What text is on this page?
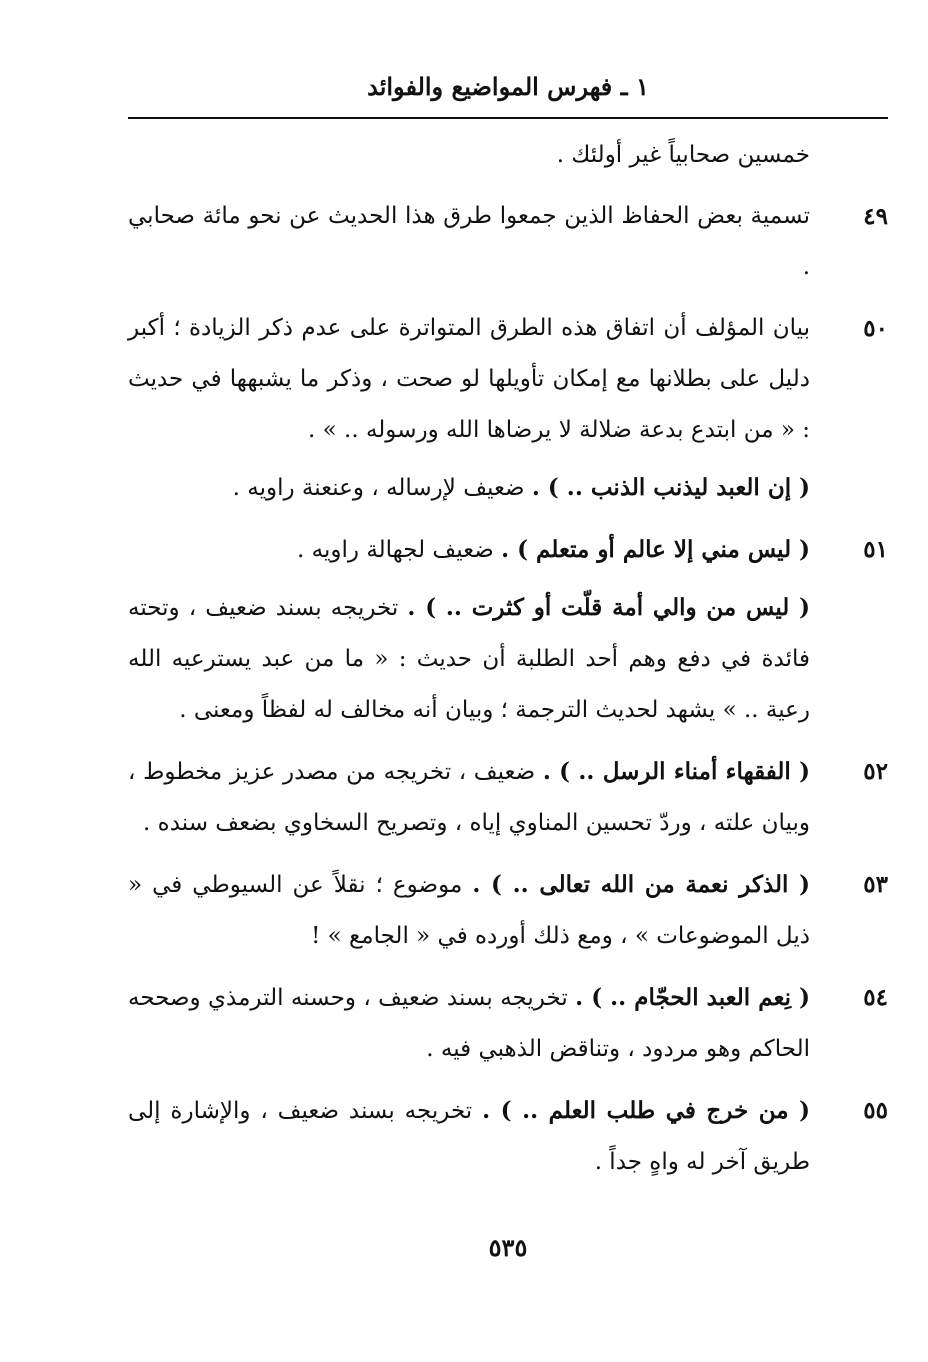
١ ـ فهرس المواضيع والفوائد

خمسين صحابياً غير أولئك .

٤٩

تسمية بعض الحفاظ الذين جمعوا طرق هذا الحديث عن نحو مائة صحابي .

٥٠

بيان المؤلف أن اتفاق هذه الطرق المتواترة على عدم ذكر الزيادة ؛ أكبر دليل على بطلانها مع إمكان تأويلها لو صحت ، وذكر ما يشبهها في حديث : « من ابتدع بدعة ضلالة لا يرضاها الله ورسوله .. » .

( إن العبد ليذنب الذنب .. ) . ضعيف لإرساله ، وعنعنة راويه .

٥١

( ليس مني إلا عالم أو متعلم ) . ضعيف لجهالة راويه .

( ليس من والي أمة قلّت أو كثرت .. ) . تخريجه بسند ضعيف ، وتحته فائدة في دفع وهم أحد الطلبة أن حديث : « ما من عبد يسترعيه الله رعية .. » يشهد لحديث الترجمة ؛ وبيان أنه مخالف له لفظاً ومعنى .

٥٢

( الفقهاء أمناء الرسل .. ) . ضعيف ، تخريجه من مصدر عزيز مخطوط ، وبيان علته ، وردّ تحسين المناوي إياه ، وتصريح السخاوي بضعف سنده .

٥٣

( الذكر نعمة من الله تعالى .. ) . موضوع ؛ نقلاً عن السيوطي في « ذيل الموضوعات » ، ومع ذلك أورده في « الجامع » !

٥٤

( نِعم العبد الحجّام .. ) . تخريجه بسند ضعيف ، وحسنه الترمذي وصححه الحاكم وهو مردود ، وتناقض الذهبي فيه .

٥٥

( من خرج في طلب العلم .. ) . تخريجه بسند ضعيف ، والإشارة إلى طريق آخر له واهٍ جداً .

٥٣٥
